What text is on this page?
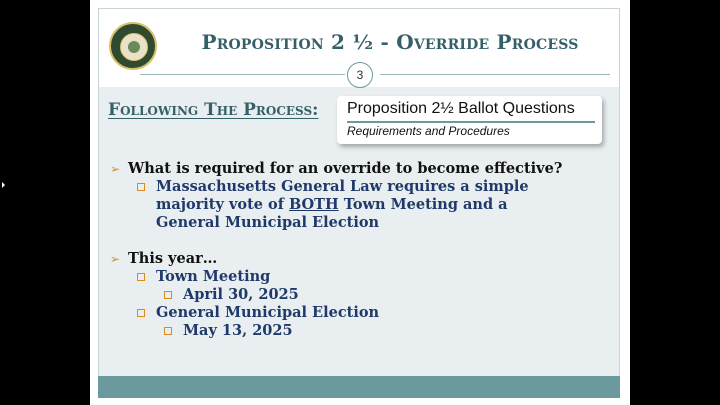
Proposition 2 ½ - Override Process
3
Following The Process: Proposition 2½ Ballot Questions
Requirements and Procedures
➢ What is required for an override to become effective?
Massachusetts General Law requires a simple majority vote of BOTH Town Meeting and a General Municipal Election
➢ This year…
Town Meeting
April 30, 2025
General Municipal Election
May 13, 2025
